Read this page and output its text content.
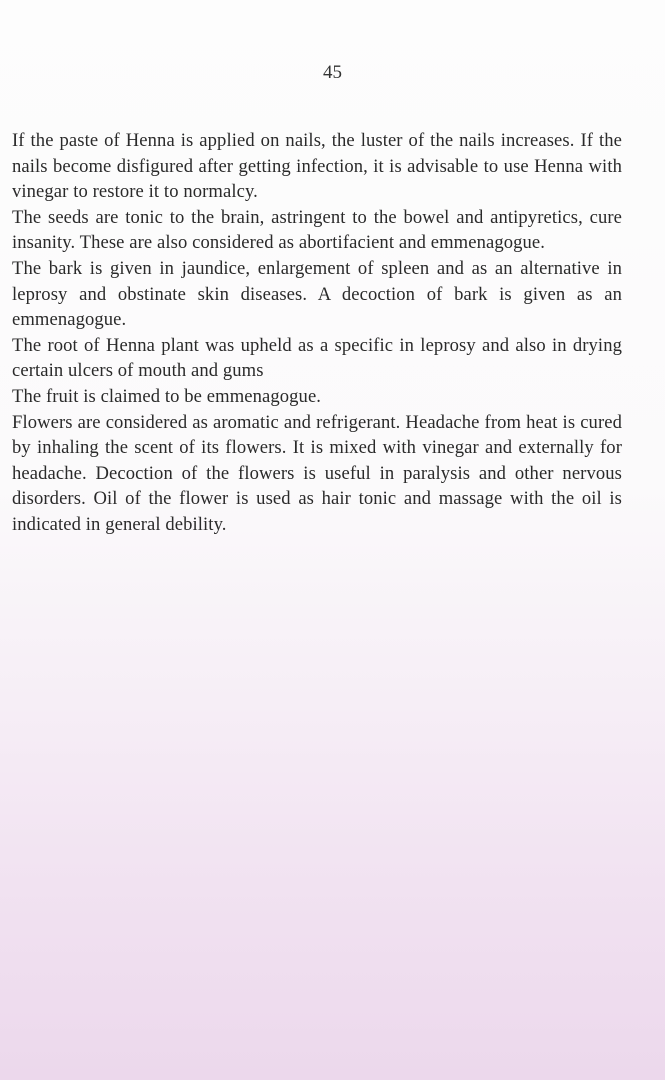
45

If the paste of Henna is applied on nails, the luster of the nails increases. If the nails become disfigured after getting infection, it is advisable to use Henna with vinegar to restore it to normalcy.

The seeds are tonic to the brain, astringent to the bowel and antipyretics, cure insanity. These are also considered as abortifacient and emmenagogue.

The bark is given in jaundice, enlargement of spleen and as an alternative in leprosy and obstinate skin diseases. A decoction of bark is given as an emmenagogue.

The root of Henna plant was upheld as a specific in leprosy and also in drying certain ulcers of mouth and gums

The fruit is claimed to be emmenagogue.

Flowers are considered as aromatic and refrigerant. Headache from heat is cured by inhaling the scent of its flowers. It is mixed with vinegar and externally for headache. Decoction of the flowers is useful in paralysis and other nervous disorders. Oil of the flower is used as hair tonic and massage with the oil is indicated in general debility.

​
